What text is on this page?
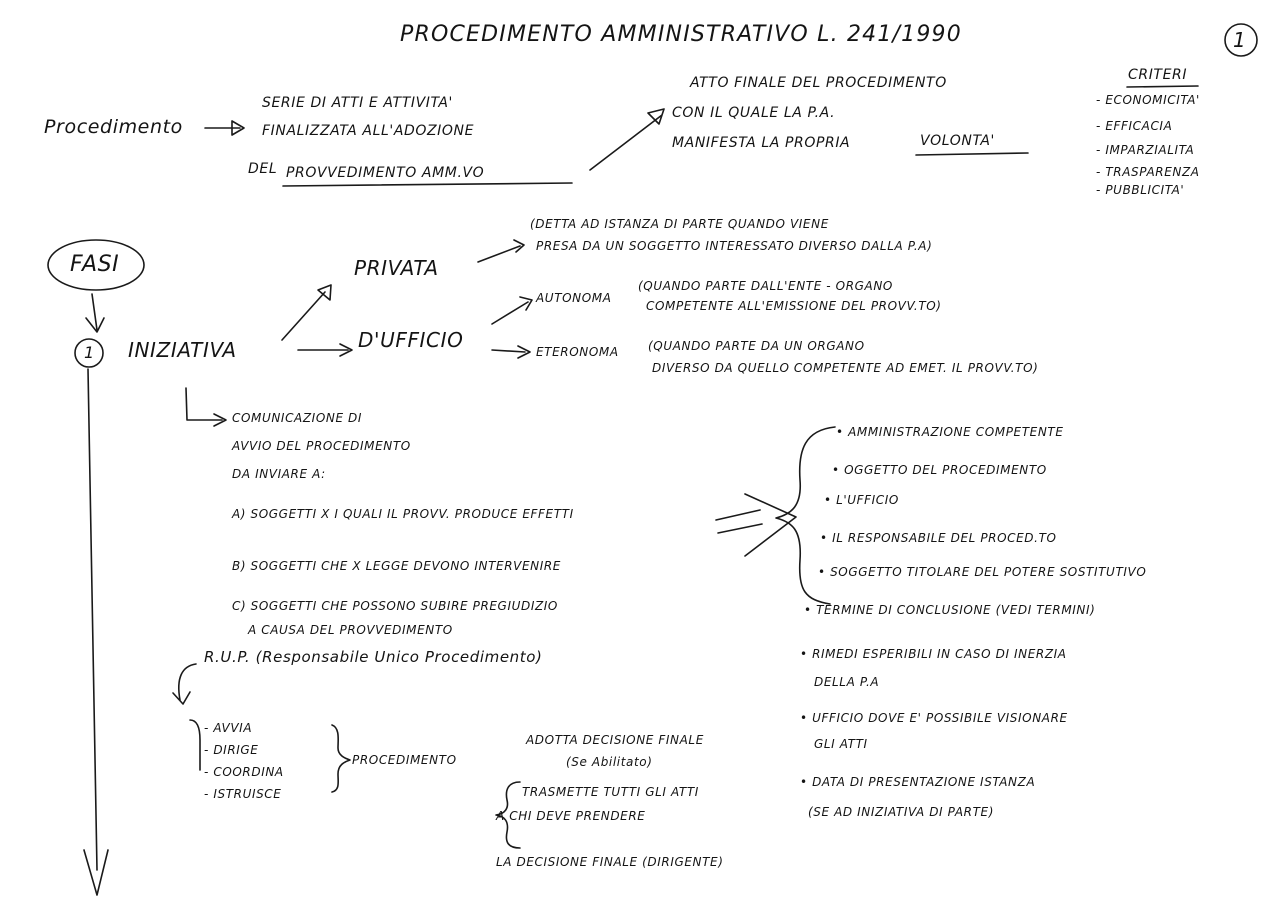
PROCEDIMENTO AMMINISTRATIVO L. 241/1990	1
Procedimento
SERIE DI ATTI E ATTIVITA'
FINALIZZATA ALL'ADOZIONE
DEL PROVVEDIMENTO AMM.VO
ATTO FINALE DEL PROCEDIMENTO
CON IL QUALE LA P.A.
MANIFESTA LA PROPRIA	VOLONTA'
CRITERI
- ECONOMICITA'
- EFFICACIA
- IMPARZIALITA
- TRASPARENZA
- PUBBLICITA'
FASI
1 INIZIATIVA
PRIVATA
(DETTA AD ISTANZA DI PARTE QUANDO VIENE
PRESA DA UN SOGGETTO INTERESSATO DIVERSO DALLA P.A)
D'UFFICIO
AUTONOMA
(QUANDO PARTE DALL'ENTE - ORGANO
COMPETENTE ALL'EMISSIONE DEL PROVV.TO)
ETERONOMA (QUANDO PARTE DA UN ORGANO
DIVERSO DA QUELLO COMPETENTE AD EMET. IL PROVV.TO)
COMUNICAZIONE DI
AVVIO DEL PROCEDIMENTO
DA INVIARE A:
A) SOGGETTI X I QUALI IL PROVV. PRODUCE EFFETTI
B) SOGGETTI CHE X LEGGE DEVONO INTERVENIRE
C) SOGGETTI CHE POSSONO SUBIRE PREGIUDIZIO
A CAUSA DEL PROVVEDIMENTO
• AMMINISTRAZIONE COMPETENTE
• OGGETTO DEL PROCEDIMENTO
• L'UFFICIO
• IL RESPONSABILE DEL PROCED.TO
• SOGGETTO TITOLARE DEL POTERE SOSTITUTIVO
• TERMINE DI CONCLUSIONE (VEDI TERMINI)
• RIMEDI ESPERIBILI IN CASO DI INERZIA
DELLA P.A
• UFFICIO DOVE E' POSSIBILE VISIONARE
GLI ATTI
• DATA DI PRESENTAZIONE ISTANZA
(SE AD INIZIATIVA DI PARTE)
R.U.P. (Responsabile Unico Procedimento)
- AVVIA
- DIRIGE
- COORDINA
- ISTRUISCE
PROCEDIMENTO
ADOTTA DECISIONE FINALE
(Se Abilitato)
TRASMETTE TUTTI GLI ATTI
A CHI DEVE PRENDERE
LA DECISIONE FINALE (DIRIGENTE)
